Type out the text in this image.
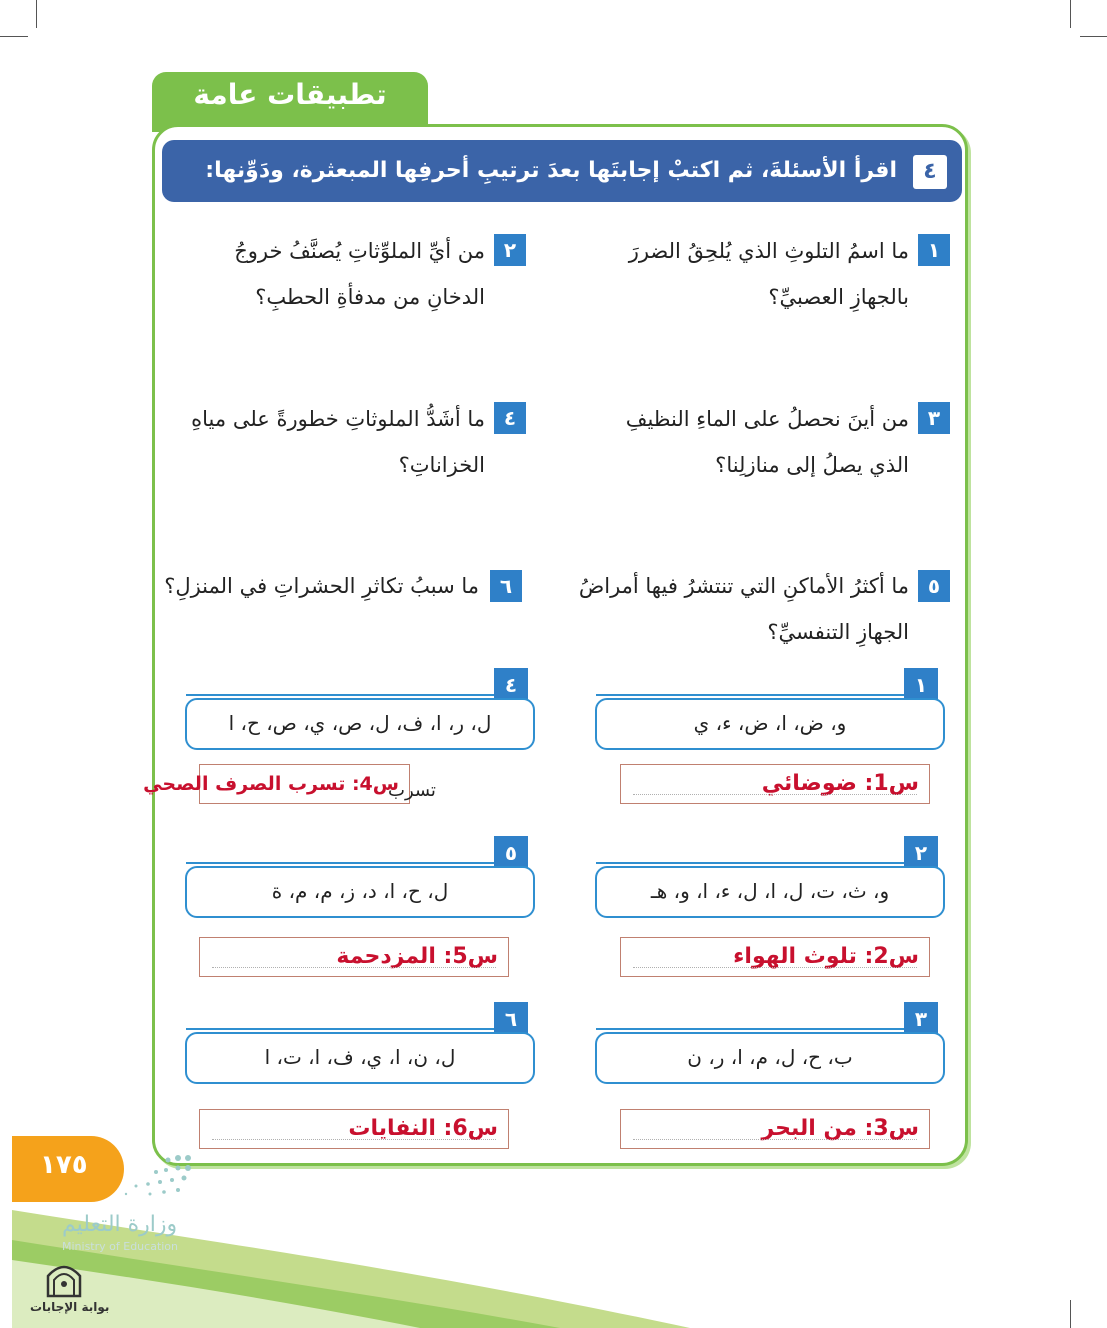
تطبيقات عامة
٤
اقرأ الأسئلةَ، ثم اكتبْ إجابتَها بعدَ ترتيبِ أحرفِها المبعثرة، ودَوِّنها:
١
ما اسمُ التلوثِ الذي يُلحِقُ الضررَ
بالجهازِ العصبيِّ؟
٣
من أينَ نحصلُ على الماءِ النظيفِ
الذي يصلُ إلى منازلِنا؟
٥
ما أكثرُ الأماكنِ التي تنتشرُ فيها أمراضُ
الجهازِ التنفسيِّ؟
٢
من أيِّ الملوِّثاتِ يُصنَّفُ خروجُ
الدخانِ من مدفأةِ الحطبِ؟
٤
ما أشَدُّ الملوثاتِ خطورةً على مياهِ
الخزاناتِ؟
٦
ما سببُ تكاثرِ الحشراتِ في المنزلِ؟
١
و، ض، ا، ض، ء، ي
٢
و، ث، ت، ل، ا، ل، ء، ا، و، هـ
٣
ب، ح، ل، م، ا، ر، ن
٤
ل، ر، ا، ف، ل، ص، ي، ص، ح، ا
٥
ل، ح، ا، د، ز، م، م، ة
٦
ل، ن، ا، ي، ف، ا، ت، ا
س1: ضوضائي
س2: تلوث الهواء
س3: من البحر
س4: تسرب الصرف الصحي
تسرب
س5: المزدحمة
س6: النفايات
١٧٥
وزارة التعليم
Ministry of Education
بوابة الإجابات
